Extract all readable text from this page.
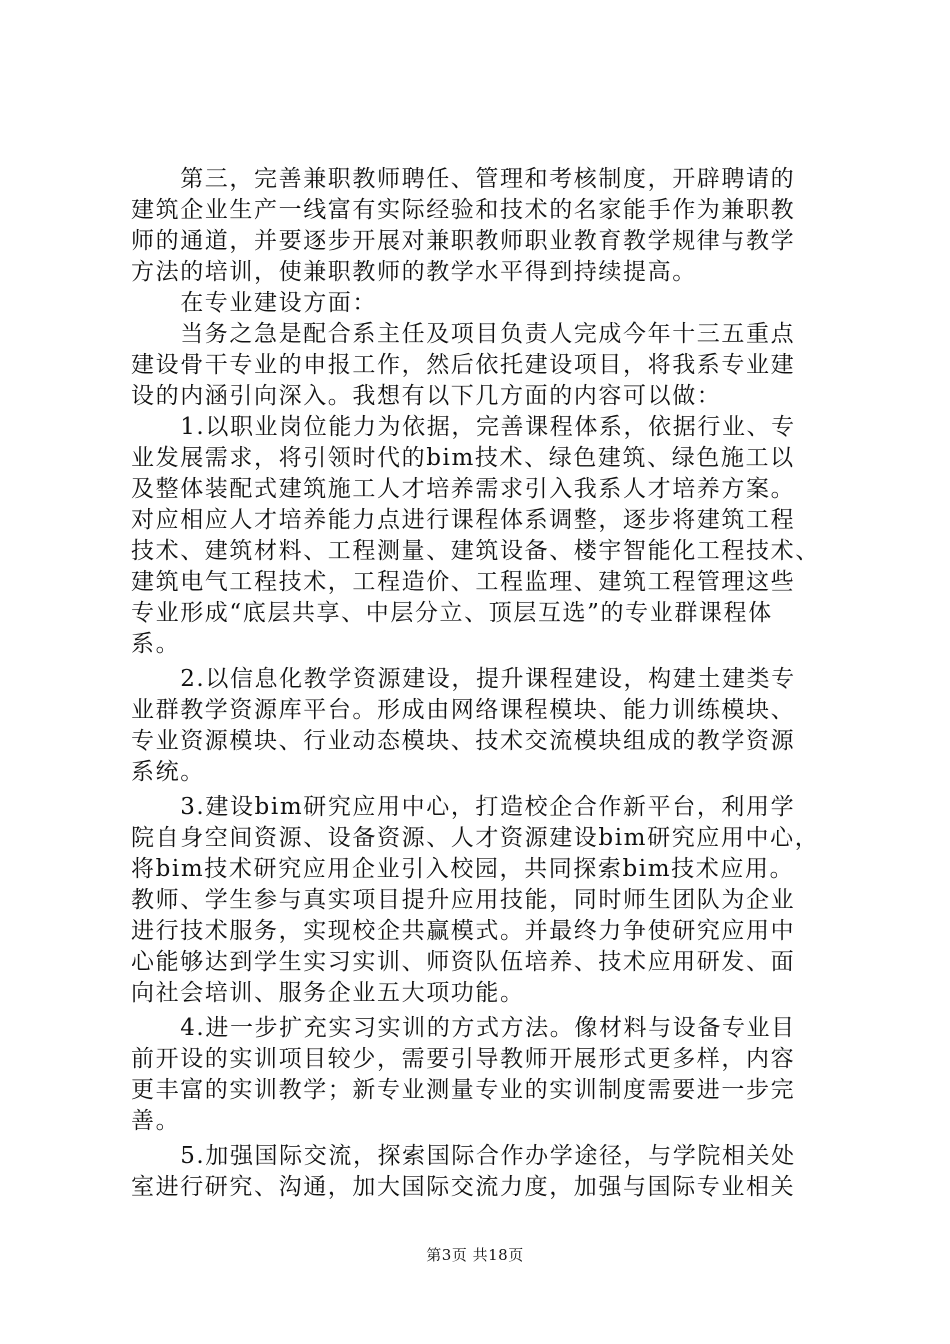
　　第三，完善兼职教师聘任、管理和考核制度，开辟聘请的
建筑企业生产一线富有实际经验和技术的名家能手作为兼职教
师的通道，并要逐步开展对兼职教师职业教育教学规律与教学
方法的培训，使兼职教师的教学水平得到持续提高。
　　在专业建设方面：
　　当务之急是配合系主任及项目负责人完成今年十三五重点
建设骨干专业的申报工作，然后依托建设项目，将我系专业建
设的内涵引向深入。我想有以下几方面的内容可以做：
　　1.以职业岗位能力为依据，完善课程体系，依据行业、专
业发展需求，将引领时代的bim技术、绿色建筑、绿色施工以
及整体装配式建筑施工人才培养需求引入我系人才培养方案。
对应相应人才培养能力点进行课程体系调整，逐步将建筑工程
技术、建筑材料、工程测量、建筑设备、楼宇智能化工程技术、
建筑电气工程技术，工程造价、工程监理、建筑工程管理这些
专业形成“底层共享、中层分立、顶层互选”的专业群课程体
系。
　　2.以信息化教学资源建设，提升课程建设，构建土建类专
业群教学资源库平台。形成由网络课程模块、能力训练模块、
专业资源模块、行业动态模块、技术交流模块组成的教学资源
系统。
　　3.建设bim研究应用中心，打造校企合作新平台，利用学
院自身空间资源、设备资源、人才资源建设bim研究应用中心，
将bim技术研究应用企业引入校园，共同探索bim技术应用。
教师、学生参与真实项目提升应用技能，同时师生团队为企业
进行技术服务，实现校企共赢模式。并最终力争使研究应用中
心能够达到学生实习实训、师资队伍培养、技术应用研发、面
向社会培训、服务企业五大项功能。
　　4.进一步扩充实习实训的方式方法。像材料与设备专业目
前开设的实训项目较少，需要引导教师开展形式更多样，内容
更丰富的实训教学；新专业测量专业的实训制度需要进一步完
善。
　　5.加强国际交流，探索国际合作办学途径，与学院相关处
室进行研究、沟通，加大国际交流力度，加强与国际专业相关
第3页 共18页
